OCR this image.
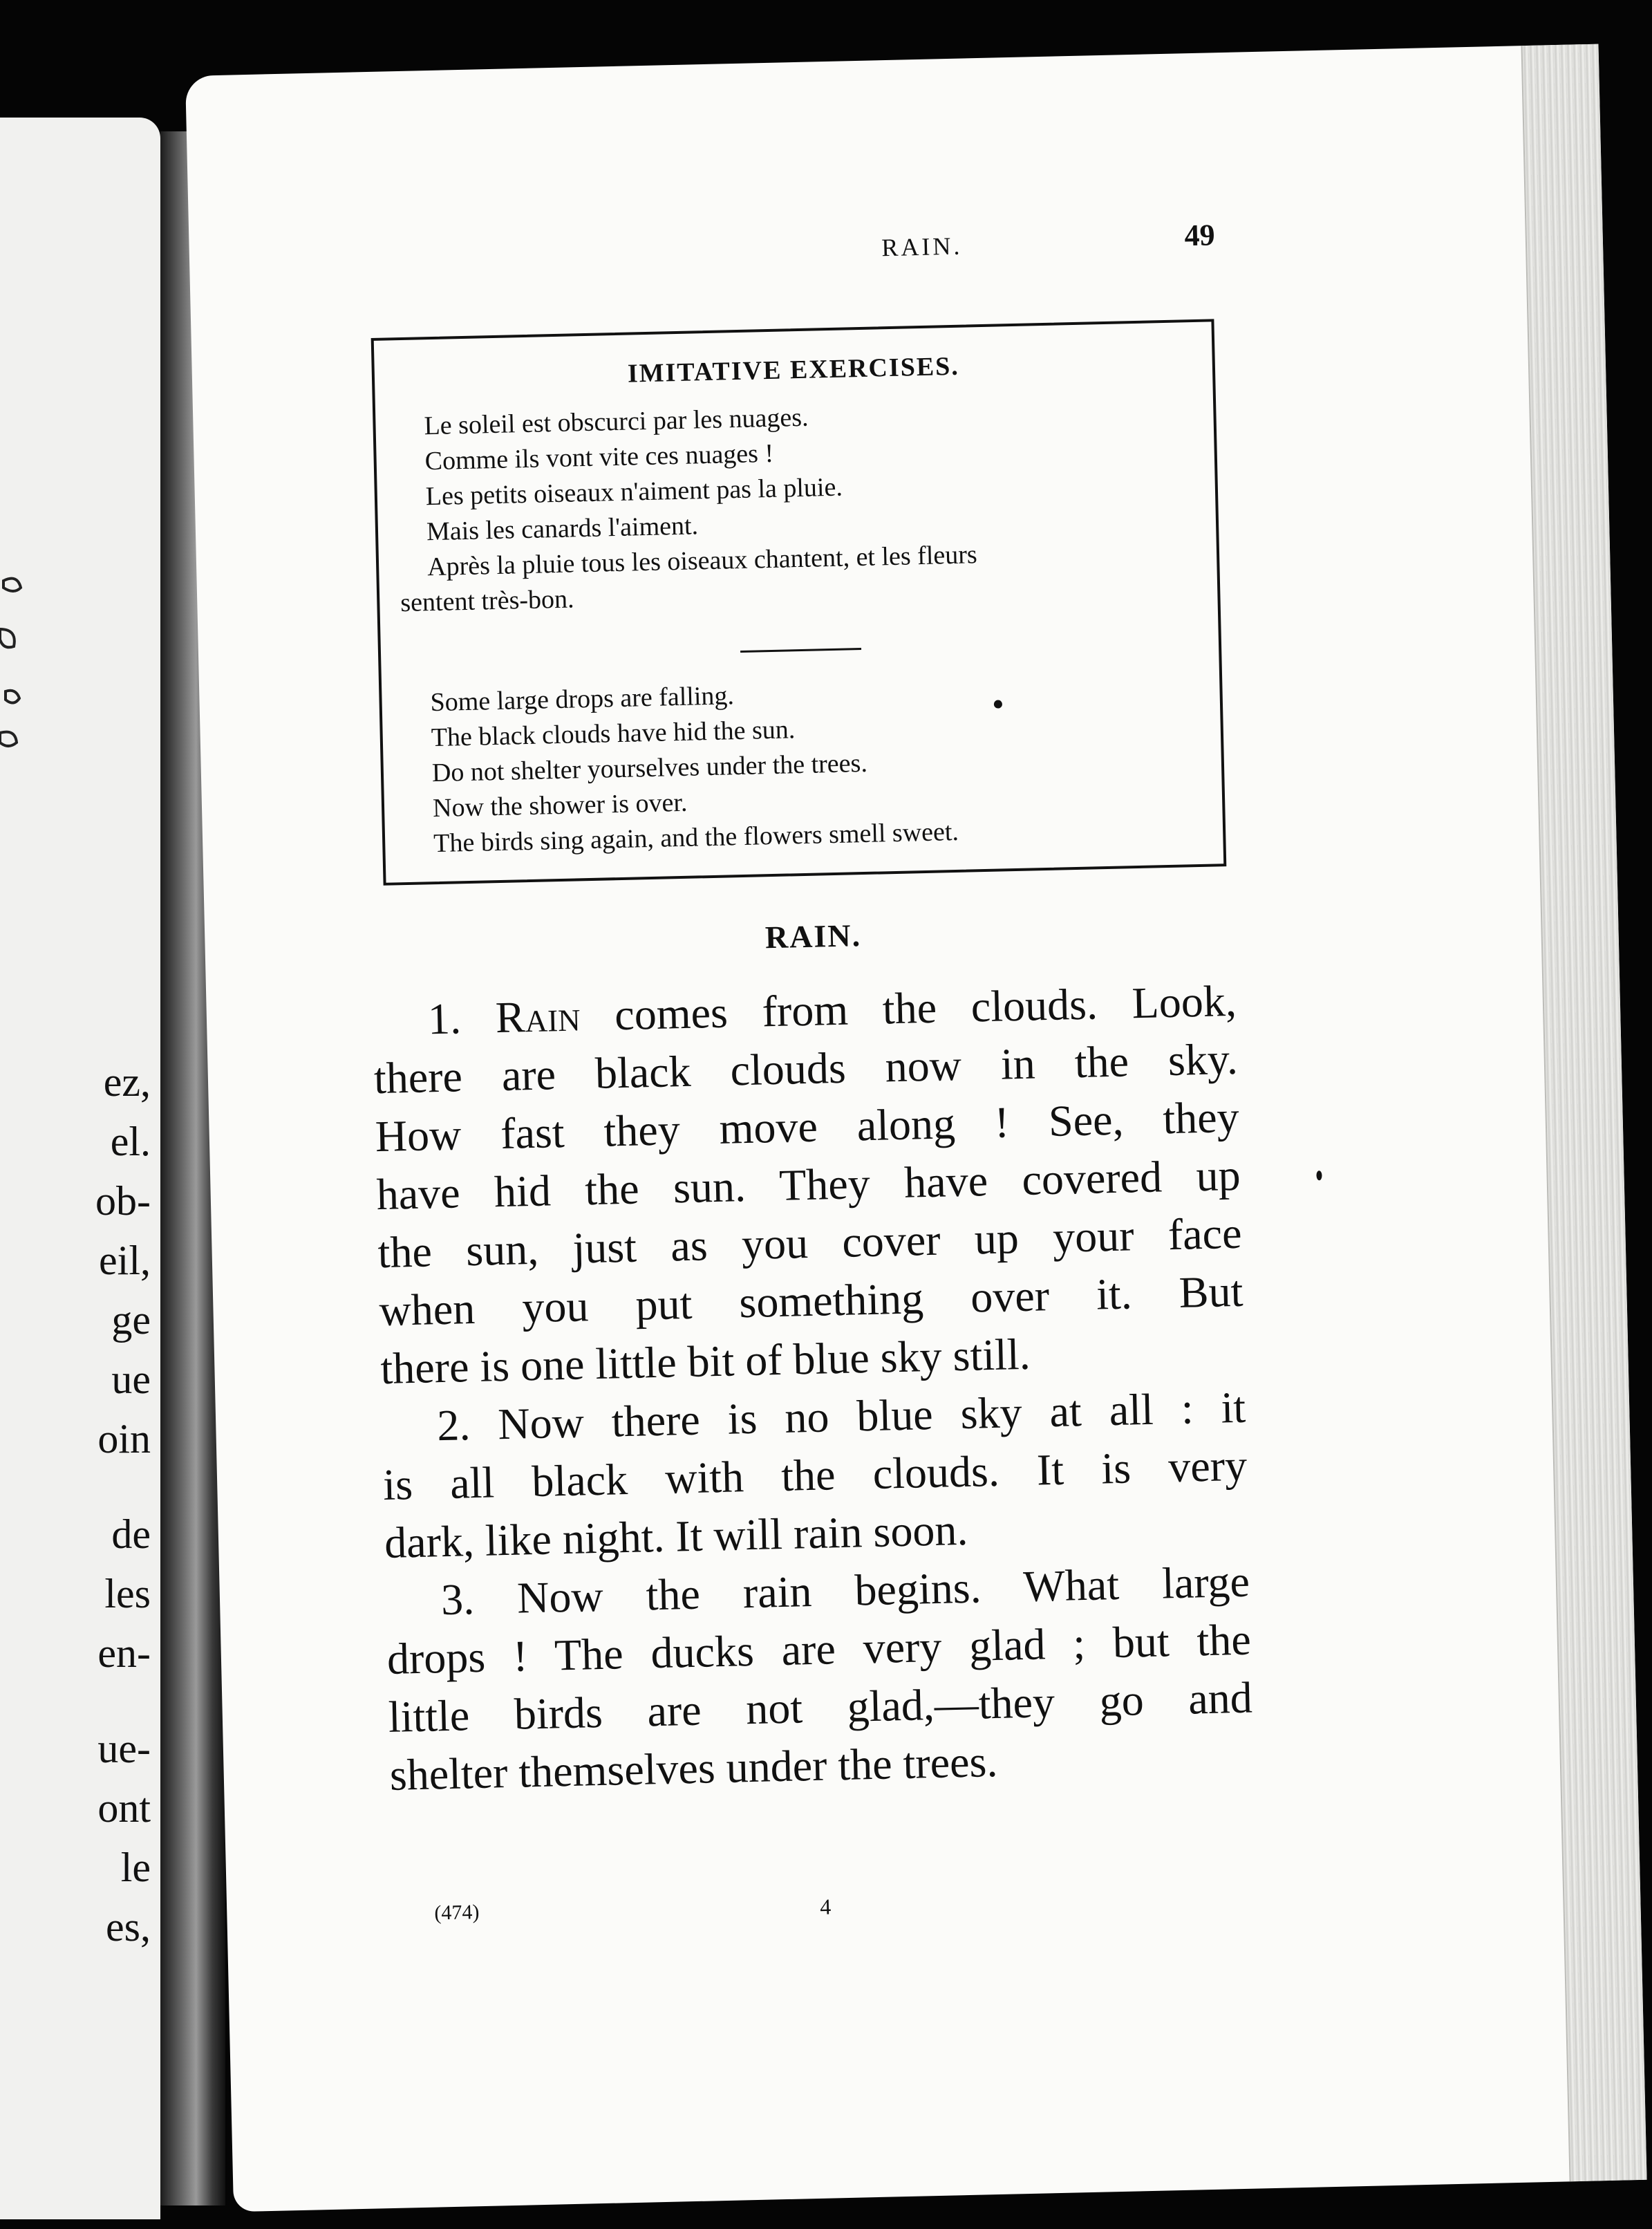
ez,
el.
ob-
eil,
ge
ue
oin
de
les
en-
ue-
ont
le
es,
RAIN.	49
IMITATIVE EXERCISES.
Le soleil est obscurci par les nuages.
Comme ils vont vite ces nuages !
Les petits oiseaux n'aiment pas la pluie.
Mais les canards l'aiment.
Après la pluie tous les oiseaux chantent, et les fleurs
sentent très-bon.
Some large drops are falling.
The black clouds have hid the sun.
Do not shelter yourselves under the trees.
Now the shower is over.
The birds sing again, and the flowers smell sweet.
RAIN.
1. Rain comes from the clouds. Look,
there are black clouds now in the sky.
How fast they move along ! See, they
have hid the sun. They have covered up
the sun, just as you cover up your face
when you put something over it. But
there is one little bit of blue sky still.
2. Now there is no blue sky at all : it
is all black with the clouds. It is very
dark, like night. It will rain soon.
3. Now the rain begins. What large
drops ! The ducks are very glad ; but the
little birds are not glad,—they go and
shelter themselves under the trees.
(474)	4
